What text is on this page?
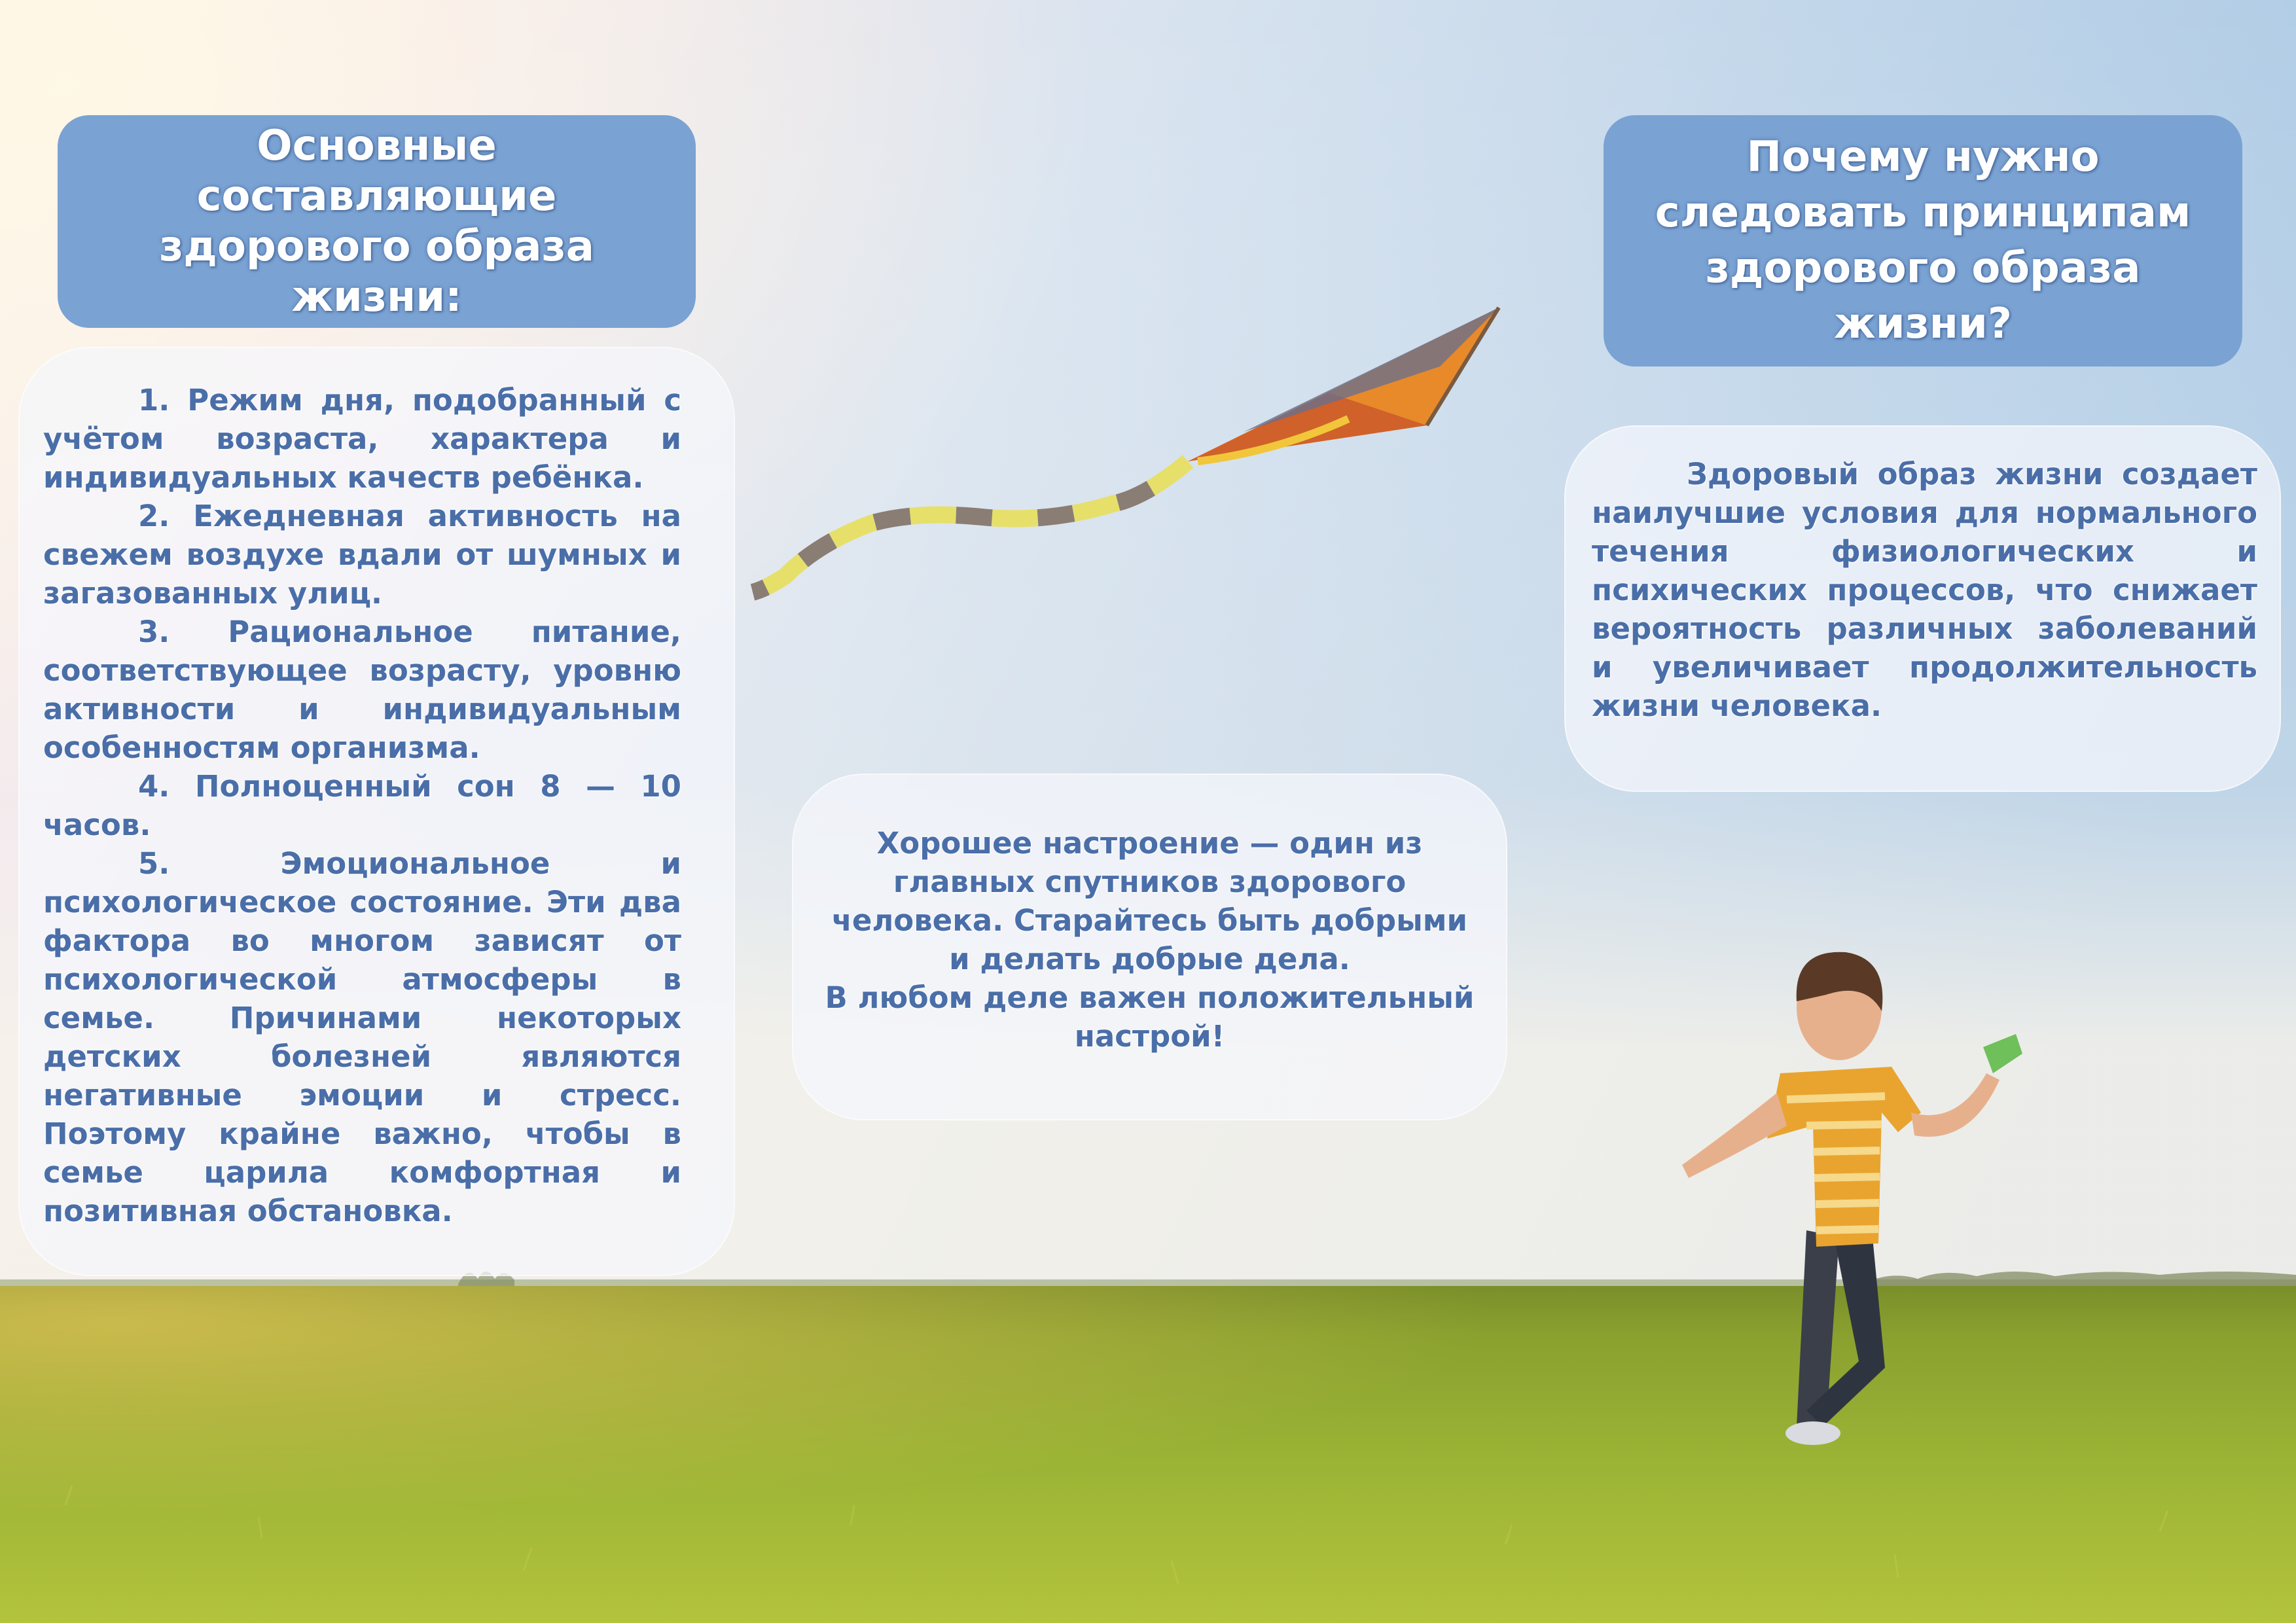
Основные составляющие здорового образа жизни:

1. Режим дня, подобранный с учётом возраста, характера и индивидуальных качеств ребёнка.

2. Ежедневная активность на свежем воздухе вдали от шумных и загазованных улиц.

3. Рациональное питание, соответствующее возрасту, уровню активности и индивидуальным особенностям организма.

4. Полноценный сон 8 — 10 часов.

5. Эмоциональное и психологическое состояние. Эти два фактора во многом зависят от психологической атмосферы в семье. Причинами некоторых детских болезней являются негативные эмоции и стресс. Поэтому крайне важно, чтобы в семье царила комфортная и позитивная обстановка.

Хорошее настроение — один из главных спутников здорового человека. Старайтесь быть добрыми и делать добрые дела.
В любом деле важен положительный настрой!
Почему нужно следовать принципам здорового образа жизни?

Здоровый образ жизни создает наилучшие условия для нормального течения физиологических и психических процессов, что снижает вероятность различных заболеваний и увеличивает продолжительность жизни человека.
